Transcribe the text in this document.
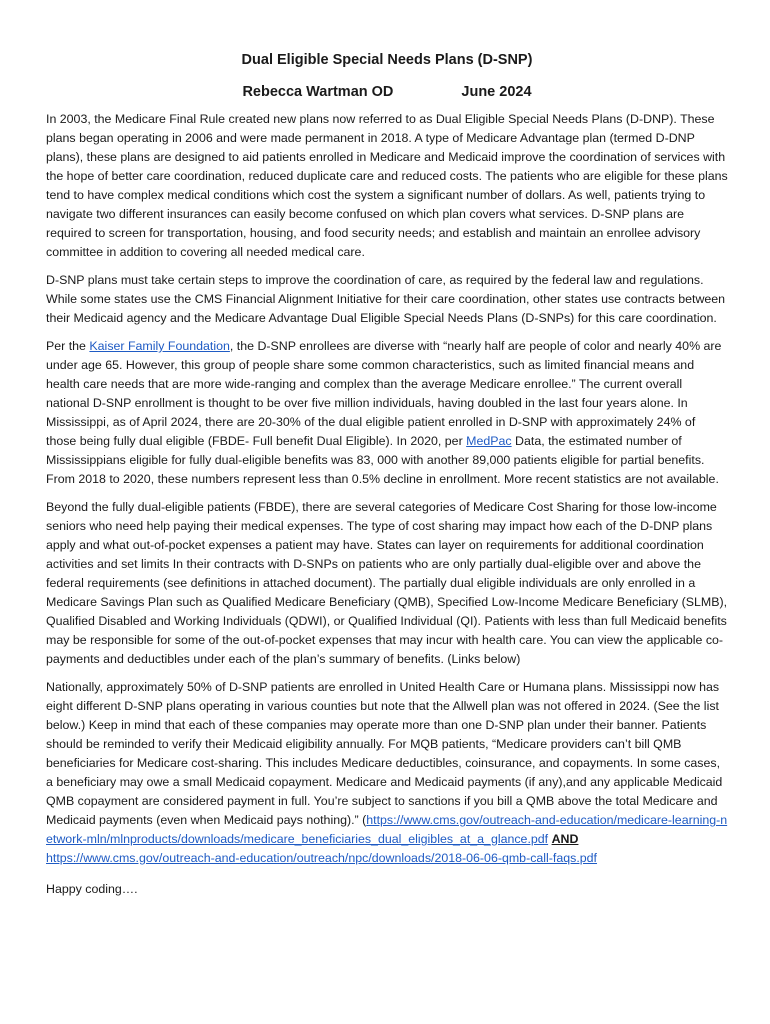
Dual Eligible Special Needs Plans (D-SNP)
Rebecca Wartman OD	June 2024

In 2003, the Medicare Final Rule created new plans now referred to as Dual Eligible Special Needs Plans (D-DNP). These plans began operating in 2006 and were made permanent in 2018. A type of Medicare Advantage plan (termed D-DNP plans), these plans are designed to aid patients enrolled in Medicare and Medicaid improve the coordination of services with the hope of better care coordination, reduced duplicate care and reduced costs. The patients who are eligible for these plans tend to have complex medical conditions which cost the system a significant number of dollars. As well, patients trying to navigate two different insurances can easily become confused on which plan covers what services. D-SNP plans are required to screen for transportation, housing, and food security needs; and establish and maintain an enrollee advisory committee in addition to covering all needed medical care.

D-SNP plans must take certain steps to improve the coordination of care, as required by the federal law and regulations. While some states use the CMS Financial Alignment Initiative for their care coordination, other states use contracts between their Medicaid agency and the Medicare Advantage Dual Eligible Special Needs Plans (D-SNPs) for this care coordination.

Per the Kaiser Family Foundation, the D-SNP enrollees are diverse with “nearly half are people of color and nearly 40% are under age 65. However, this group of people share some common characteristics, such as limited financial means and health care needs that are more wide-ranging and complex than the average Medicare enrollee.” The current overall national D-SNP enrollment is thought to be over five million individuals, having doubled in the last four years alone. In Mississippi, as of April 2024, there are 20-30% of the dual eligible patient enrolled in D-SNP with approximately 24% of those being fully dual eligible (FBDE- Full benefit Dual Eligible). In 2020, per MedPac Data, the estimated number of Mississippians eligible for fully dual-eligible benefits was 83, 000 with another 89,000 patients eligible for partial benefits. From 2018 to 2020, these numbers represent less than 0.5% decline in enrollment. More recent statistics are not available.

Beyond the fully dual-eligible patients (FBDE), there are several categories of Medicare Cost Sharing for those low-income seniors who need help paying their medical expenses. The type of cost sharing may impact how each of the D-DNP plans apply and what out-of-pocket expenses a patient may have. States can layer on requirements for additional coordination activities and set limits In their contracts with D-SNPs on patients who are only partially dual-eligible over and above the federal requirements (see definitions in attached document). The partially dual eligible individuals are only enrolled in a Medicare Savings Plan such as Qualified Medicare Beneficiary (QMB), Specified Low-Income Medicare Beneficiary (SLMB), Qualified Disabled and Working Individuals (QDWI), or Qualified Individual (QI). Patients with less than full Medicaid benefits may be responsible for some of the out-of-pocket expenses that may incur with health care. You can view the applicable co-payments and deductibles under each of the plan’s summary of benefits. (Links below)

Nationally, approximately 50% of D-SNP patients are enrolled in United Health Care or Humana plans. Mississippi now has eight different D-SNP plans operating in various counties but note that the Allwell plan was not offered in 2024. (See the list below.) Keep in mind that each of these companies may operate more than one D-SNP plan under their banner. Patients should be reminded to verify their Medicaid eligibility annually. For MQB patients, “Medicare providers can’t bill QMB beneficiaries for Medicare cost-sharing. This includes Medicare deductibles, coinsurance, and copayments. In some cases, a beneficiary may owe a small Medicaid copayment. Medicare and Medicaid payments (if any),and any applicable Medicaid QMB copayment are considered payment in full. You’re subject to sanctions if you bill a QMB above the total Medicare and Medicaid payments (even when Medicaid pays nothing).” (https://www.cms.gov/outreach-and-education/medicare-learning-network-mln/mlnproducts/downloads/medicare_beneficiaries_dual_eligibles_at_a_glance.pdf AND
https://www.cms.gov/outreach-and-education/outreach/npc/downloads/2018-06-06-qmb-call-faqs.pdf

Happy coding….
